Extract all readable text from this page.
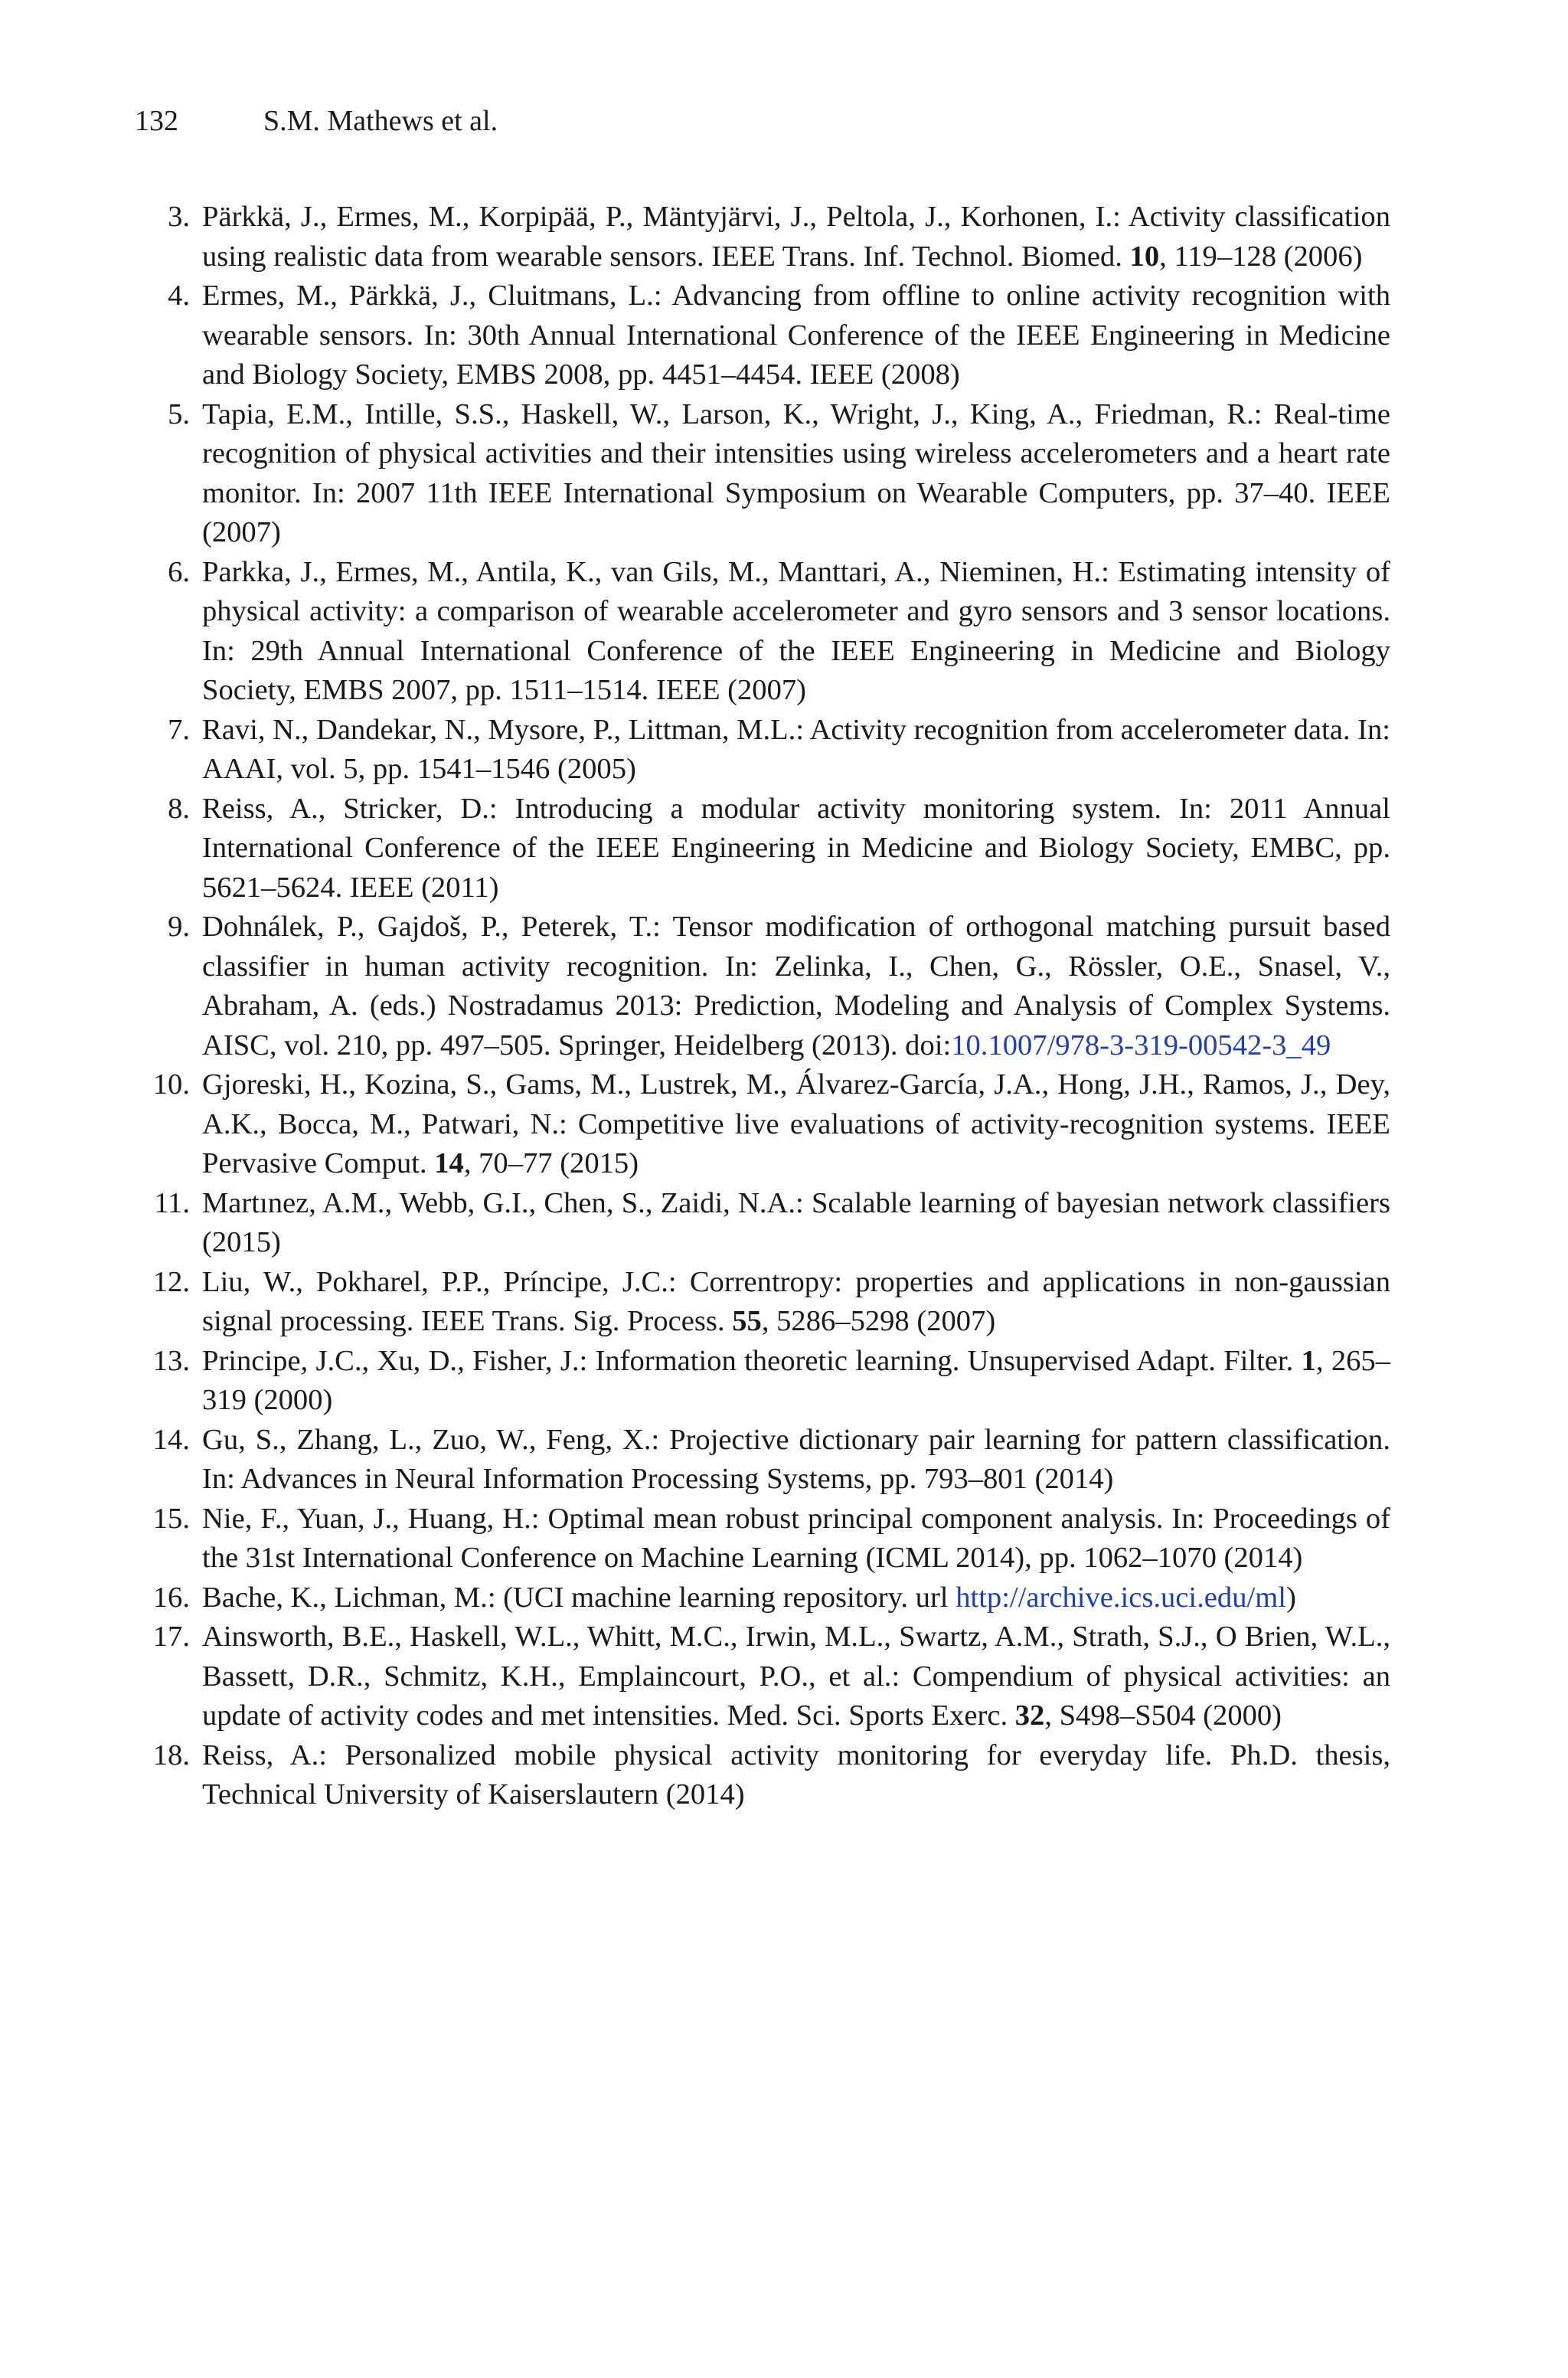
132	S.M. Mathews et al.
3. Pärkkä, J., Ermes, M., Korpipää, P., Mäntyjärvi, J., Peltola, J., Korhonen, I.: Activity classification using realistic data from wearable sensors. IEEE Trans. Inf. Technol. Biomed. 10, 119–128 (2006)
4. Ermes, M., Pärkkä, J., Cluitmans, L.: Advancing from offline to online activity recognition with wearable sensors. In: 30th Annual International Conference of the IEEE Engineering in Medicine and Biology Society, EMBS 2008, pp. 4451–4454. IEEE (2008)
5. Tapia, E.M., Intille, S.S., Haskell, W., Larson, K., Wright, J., King, A., Friedman, R.: Real-time recognition of physical activities and their intensities using wireless accelerometers and a heart rate monitor. In: 2007 11th IEEE International Symposium on Wearable Computers, pp. 37–40. IEEE (2007)
6. Parkka, J., Ermes, M., Antila, K., van Gils, M., Manttari, A., Nieminen, H.: Estimating intensity of physical activity: a comparison of wearable accelerometer and gyro sensors and 3 sensor locations. In: 29th Annual International Conference of the IEEE Engineering in Medicine and Biology Society, EMBS 2007, pp. 1511–1514. IEEE (2007)
7. Ravi, N., Dandekar, N., Mysore, P., Littman, M.L.: Activity recognition from accelerometer data. In: AAAI, vol. 5, pp. 1541–1546 (2005)
8. Reiss, A., Stricker, D.: Introducing a modular activity monitoring system. In: 2011 Annual International Conference of the IEEE Engineering in Medicine and Biology Society, EMBC, pp. 5621–5624. IEEE (2011)
9. Dohnálek, P., Gajdoš, P., Peterek, T.: Tensor modification of orthogonal matching pursuit based classifier in human activity recognition. In: Zelinka, I., Chen, G., Rössler, O.E., Snasel, V., Abraham, A. (eds.) Nostradamus 2013: Prediction, Modeling and Analysis of Complex Systems. AISC, vol. 210, pp. 497–505. Springer, Heidelberg (2013). doi:10.1007/978-3-319-00542-3_49
10. Gjoreski, H., Kozina, S., Gams, M., Lustrek, M., Álvarez-García, J.A., Hong, J.H., Ramos, J., Dey, A.K., Bocca, M., Patwari, N.: Competitive live evaluations of activity-recognition systems. IEEE Pervasive Comput. 14, 70–77 (2015)
11. Martınez, A.M., Webb, G.I., Chen, S., Zaidi, N.A.: Scalable learning of bayesian network classifiers (2015)
12. Liu, W., Pokharel, P.P., Príncipe, J.C.: Correntropy: properties and applications in non-gaussian signal processing. IEEE Trans. Sig. Process. 55, 5286–5298 (2007)
13. Principe, J.C., Xu, D., Fisher, J.: Information theoretic learning. Unsupervised Adapt. Filter. 1, 265–319 (2000)
14. Gu, S., Zhang, L., Zuo, W., Feng, X.: Projective dictionary pair learning for pattern classification. In: Advances in Neural Information Processing Systems, pp. 793–801 (2014)
15. Nie, F., Yuan, J., Huang, H.: Optimal mean robust principal component analysis. In: Proceedings of the 31st International Conference on Machine Learning (ICML 2014), pp. 1062–1070 (2014)
16. Bache, K., Lichman, M.: (UCI machine learning repository. url http://archive.ics.uci.edu/ml)
17. Ainsworth, B.E., Haskell, W.L., Whitt, M.C., Irwin, M.L., Swartz, A.M., Strath, S.J., O Brien, W.L., Bassett, D.R., Schmitz, K.H., Emplaincourt, P.O., et al.: Compendium of physical activities: an update of activity codes and met intensities. Med. Sci. Sports Exerc. 32, S498–S504 (2000)
18. Reiss, A.: Personalized mobile physical activity monitoring for everyday life. Ph.D. thesis, Technical University of Kaiserslautern (2014)
